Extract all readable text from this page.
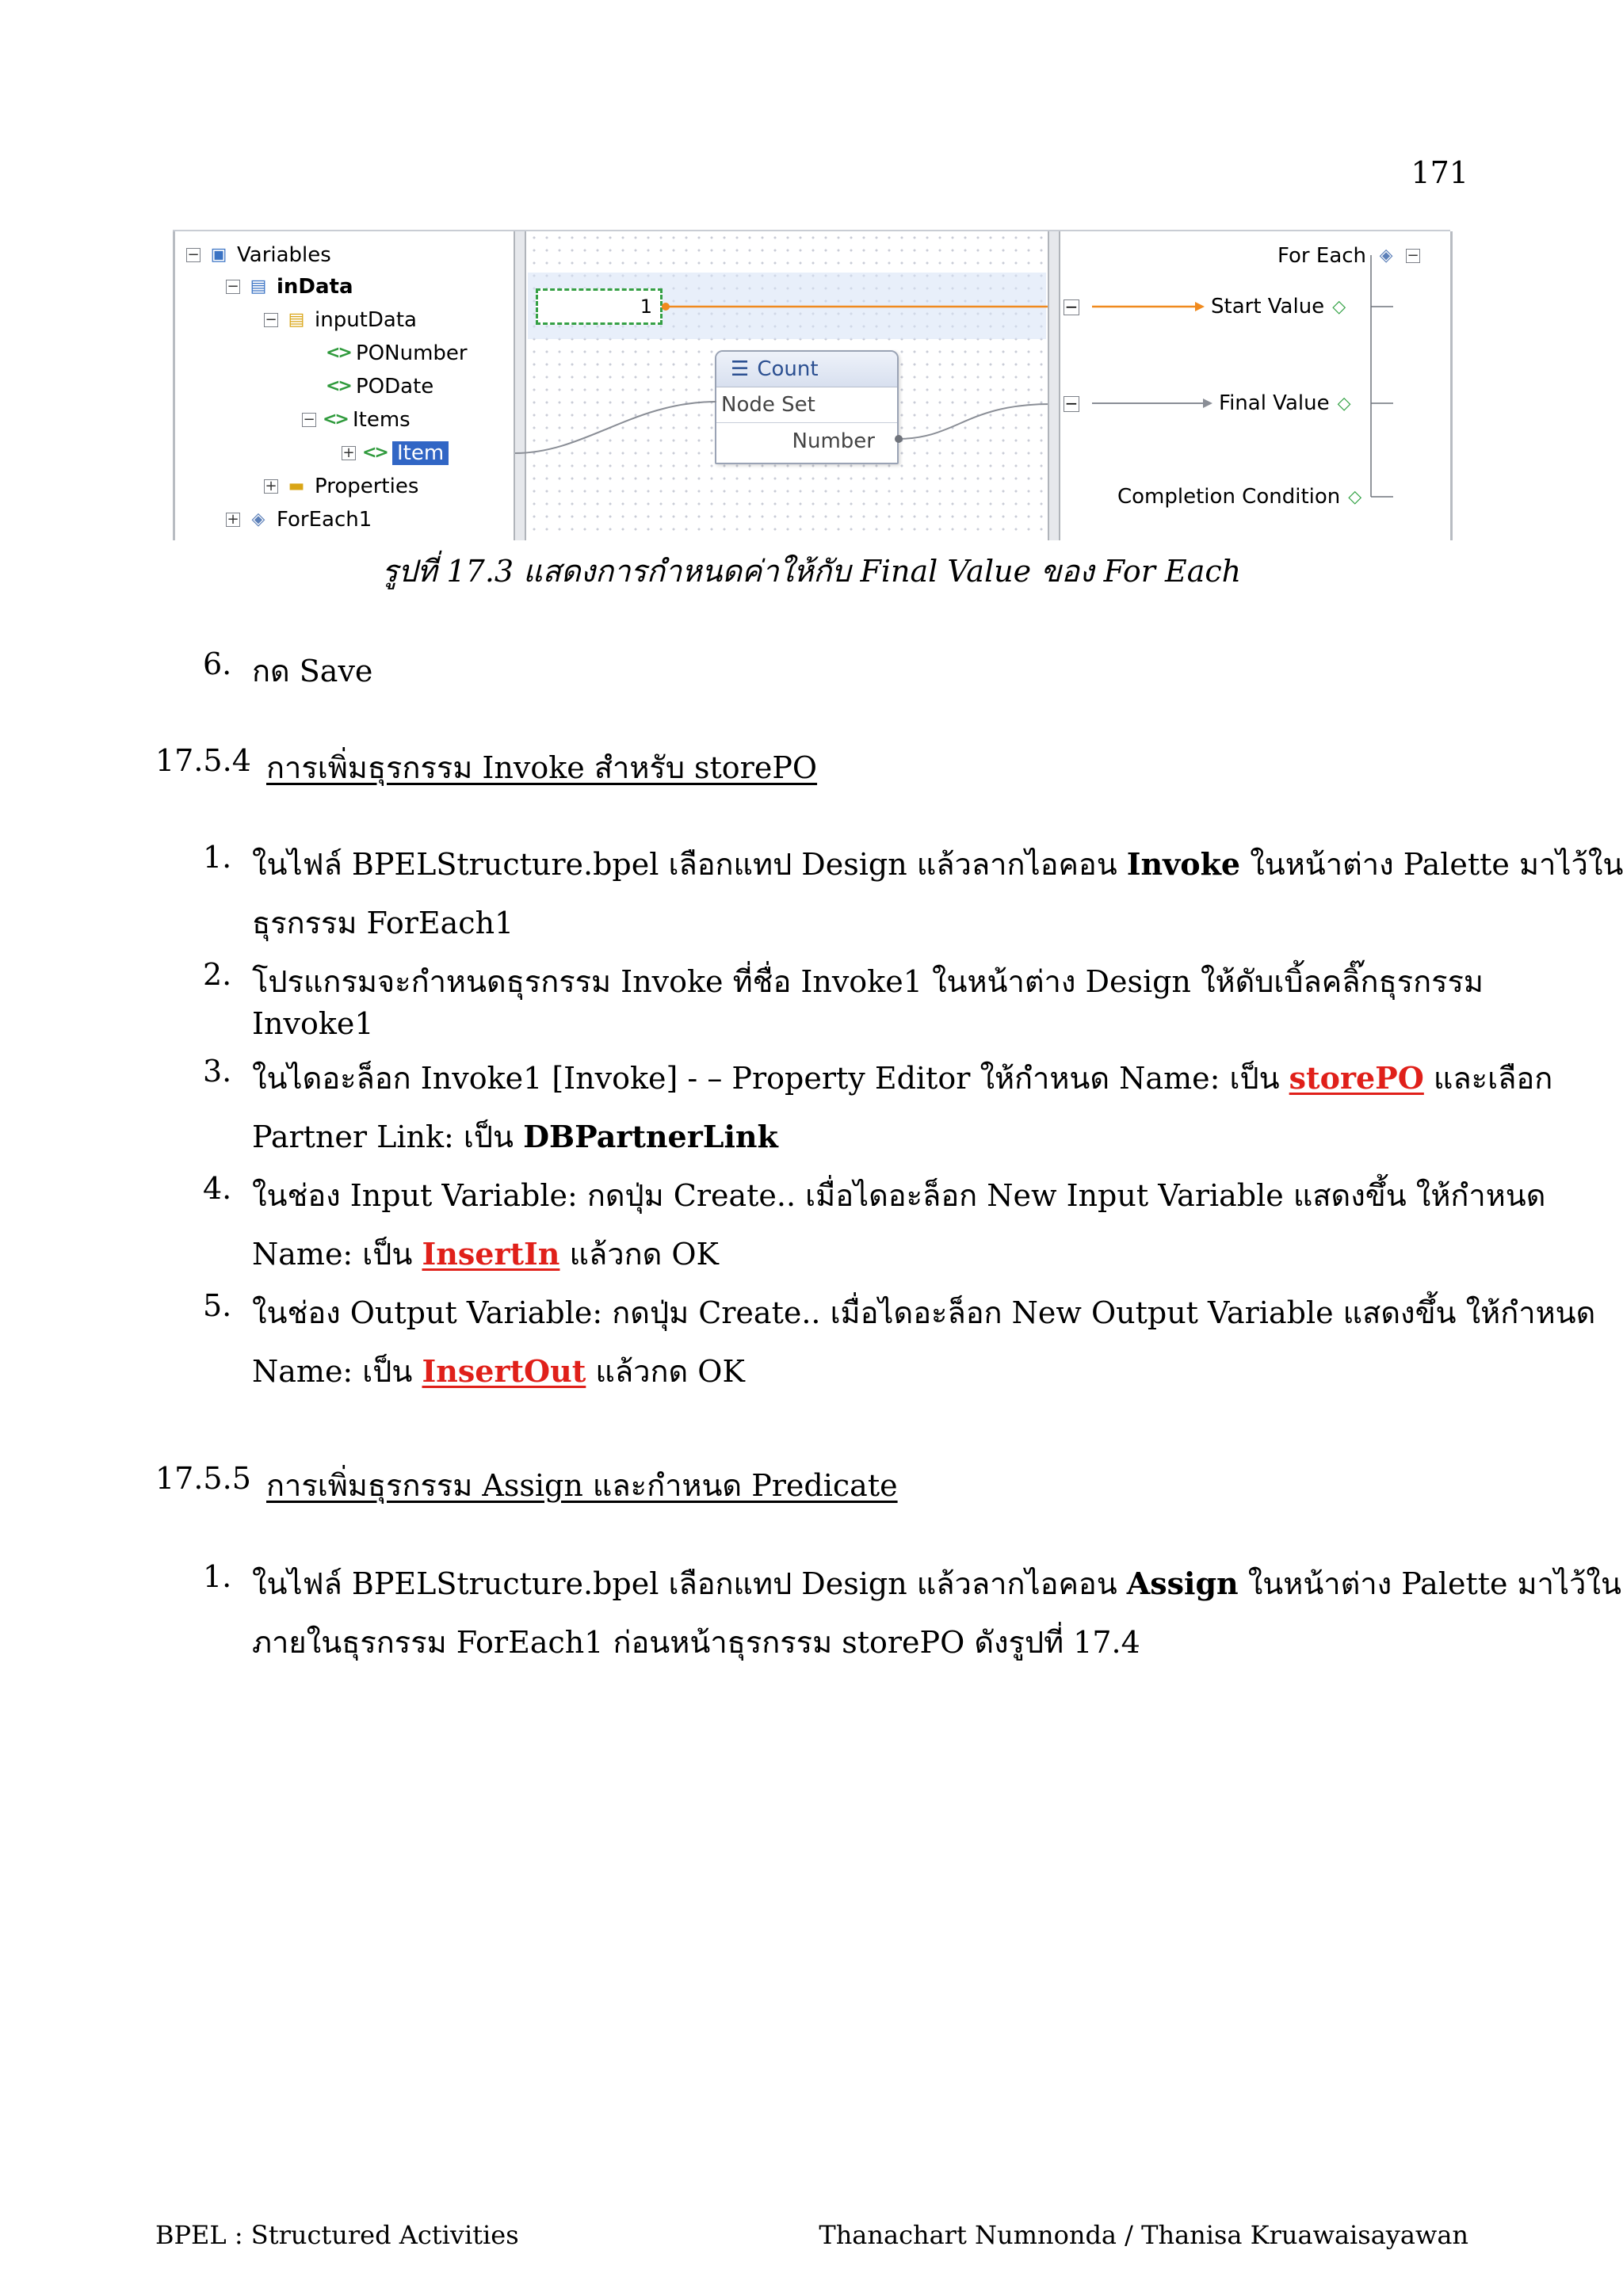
171
− ▣ Variables
− ▤ inData
− ▤ inputData
<> PONumber
<> PODate
− <> Items
+ <> Item
+ ▬ Properties
+ ◈ ForEach1
1
☰ Count
Node Set
Number
−
−
For Each ◈	−
Start Value ◇
Final Value ◇
Completion Condition ◇
รูปที่ 17.3 แสดงการกำหนดค่าให้กับ Final Value ของ For Each
6. กด Save
17.5.4 การเพิ่มธุรกรรม Invoke สำหรับ storePO
1. ในไฟล์ BPELStructure.bpel เลือกแทป Design แล้วลากไอคอน Invoke ในหน้าต่าง Palette มาไว้ใน
ธุรกรรม ForEach1
2. โปรแกรมจะกำหนดธุรกรรม Invoke ที่ชื่อ Invoke1 ในหน้าต่าง Design ให้ดับเบิ้ลคลิ๊กธุรกรรม
Invoke1
3. ในไดอะล็อก Invoke1 [Invoke] - – Property Editor ให้กำหนด Name: เป็น storePO และเลือก
Partner Link: เป็น DBPartnerLink
4. ในช่อง Input Variable: กดปุ่ม Create.. เมื่อไดอะล็อก New Input Variable แสดงขึ้น ให้กำหนด
Name: เป็น InsertIn แล้วกด OK
5. ในช่อง Output Variable: กดปุ่ม Create.. เมื่อไดอะล็อก New Output Variable แสดงขึ้น ให้กำหนด
Name: เป็น InsertOut แล้วกด OK
17.5.5 การเพิ่มธุรกรรม Assign และกำหนด Predicate
1. ในไฟล์ BPELStructure.bpel เลือกแทป Design แล้วลากไอคอน Assign ในหน้าต่าง Palette มาไว้ใน
ภายในธุรกรรม ForEach1 ก่อนหน้าธุรกรรม storePO ดังรูปที่ 17.4
BPEL : Structured Activities	Thanachart Numnonda / Thanisa Kruawaisayawan
